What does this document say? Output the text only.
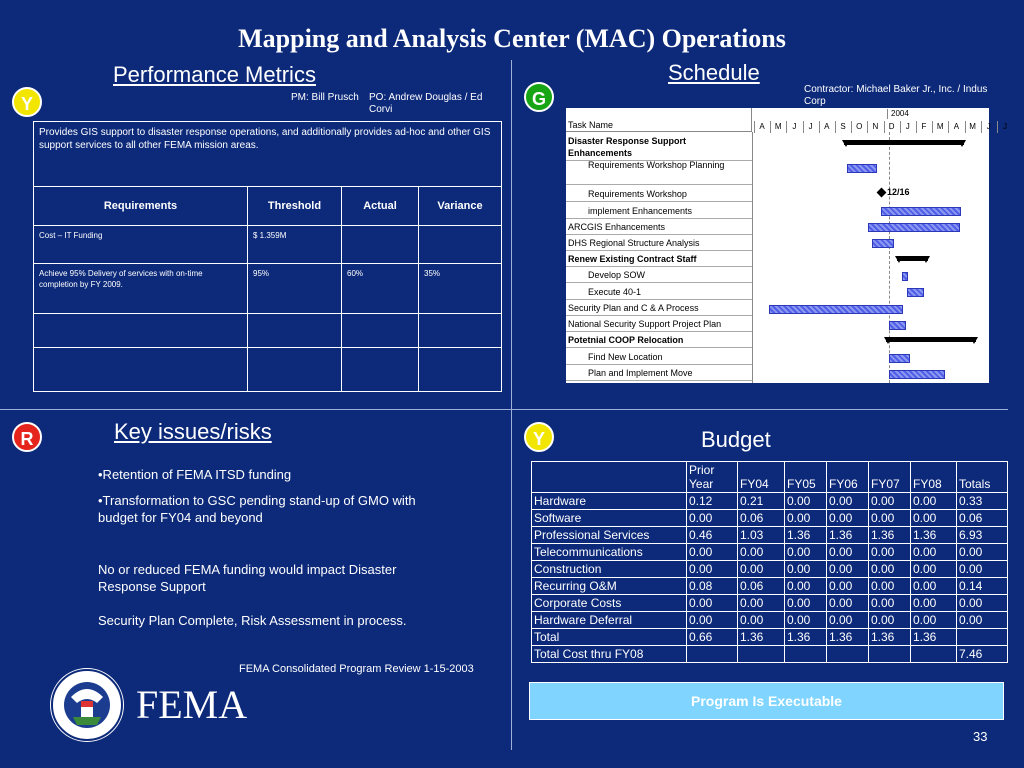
Mapping and Analysis Center (MAC) Operations
Performance Metrics
Y	PM: Bill Prusch PO: Andrew Douglas / Ed Corvi
Provides GIS support to disaster response operations, and additionally provides ad-hoc and other GIS support services to all other FEMA mission areas.			
Requirements	Threshold	Actual	Variance
Cost – IT Funding	$ 1.359M		
Achieve 95% Delivery of services with on-time completion by FY 2009.	95%	60%	35%

Schedule
G	Contractor: Michael Baker Jr., Inc. / Indus Corp
Task Name
2004
12/16
A	M	J	J	A	S	O	N	D	J	F	M	A	M	J	J
Disaster Response Support Enhancements
Requirements Workshop Planning
Requirements Workshop
implement Enhancements
ARCGIS Enhancements
DHS Regional Structure Analysis
Renew Existing Contract Staff
Develop SOW
Execute 40-1
Security Plan and C & A Process
National Security Support Project Plan
Potetnial COOP Relocation
Find New Location
Plan and Implement Move
Key issues/risks
R
•Retention of FEMA ITSD funding
•Transformation to GSC pending stand-up of GMO with budget for FY04 and beyond
No or reduced FEMA funding would impact Disaster Response Support
Security Plan Complete, Risk Assessment in process.
FEMA Consolidated Program Review 1-15-2003
FEMA
Y	Budget
	Prior Year	FY04	FY05	FY06	FY07	FY08	Totals
Hardware	0.12	0.21	0.00	0.00	0.00	0.00	0.33
Software	0.00	0.06	0.00	0.00	0.00	0.00	0.06
Professional Services	0.46	1.03	1.36	1.36	1.36	1.36	6.93
Telecommunications	0.00	0.00	0.00	0.00	0.00	0.00	0.00
Construction	0.00	0.00	0.00	0.00	0.00	0.00	0.00
Recurring O&M	0.08	0.06	0.00	0.00	0.00	0.00	0.14
Corporate Costs	0.00	0.00	0.00	0.00	0.00	0.00	0.00
Hardware Deferral	0.00	0.00	0.00	0.00	0.00	0.00	0.00
Total	0.66	1.36	1.36	1.36	1.36	1.36	
Total Cost thru FY08							7.46
Program Is Executable
33
